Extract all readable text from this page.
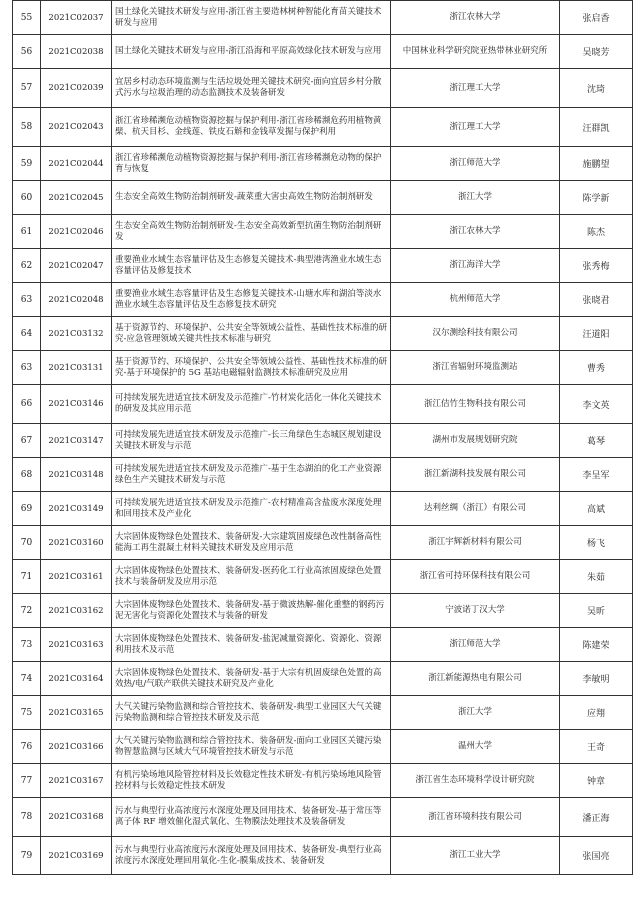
55	2021C02037	国土绿化关键技术研发与应用-浙江省主要造林树种智能化育苗关键技术研发与应用	浙江农林大学	张启香
56	2021C02038	国土绿化关键技术研发与应用-浙江沿海和平原高效绿化技术研发与应用	中国林业科学研究院亚热带林业研究所	吴晓芳
57	2021C02039	宜居乡村动态环境监测与生活垃圾处理关键技术研究-面向宜居乡村分散式污水与垃圾治理的动态监测技术及装备研发	浙江理工大学	沈琦
58	2021C02043	浙江省珍稀濒危动植物资源挖掘与保护利用-浙江省珍稀濒危药用植物黄檗、杭天目杉、金线莲、铁皮石斛和金钱草发掘与保护利用	浙江理工大学	汪群凯
59	2021C02044	浙江省珍稀濒危动植物资源挖掘与保护利用-浙江省珍稀濒危动物的保护育与恢复	浙江师范大学	施鹏望
60	2021C02045	生态安全高效生物防治制剂研发-蔬菜重大害虫高效生物防治制剂研发	浙江大学	陈学新
61	2021C02046	生态安全高效生物防治制剂研发-生态安全高效新型抗菌生物防治制剂研发	浙江农林大学	陈杰
62	2021C02047	重要渔业水域生态容量评估及生态修复关键技术-典型港湾渔业水域生态容量评估及修复技术	浙江海洋大学	张秀梅
63	2021C02048	重要渔业水域生态容量评估及生态修复关键技术-山塘水库和湖泊等淡水渔业水域生态容量评估及生态修复技术研究	杭州师范大学	张晓君
64	2021C03132	基于资源节约、环境保护、公共安全等领域公益性、基础性技术标准的研究-应急管理领域关键共性技术标准与研究	汉尔测绘科技有限公司	汪道阳
63	2021C03131	基于资源节约、环境保护、公共安全等领域公益性、基础性技术标准的研究-基于环境保护的 5G 基站电磁辐射监测技术标准研究及应用	浙江省辐射环境监测站	曹秀
66	2021C03146	可持续发展先进适宜技术研发及示范推广-竹材炭化活化一体化关键技术的研发及其应用示范	浙江佶竹生物科技有限公司	李文英
67	2021C03147	可持续发展先进适宜技术研发及示范推广-长三角绿色生态城区规划建设关键技术研发与示范	湖州市发展规划研究院	葛琴
68	2021C03148	可持续发展先进适宜技术研发及示范推广-基于生态湖泊的化工产业资源绿色生产关键技术研发与示范	浙江新湖科技发展有限公司	李呈军
69	2021C03149	可持续发展先进适宜技术研发及示范推广-农村精准高含盐废水深度处理和回用技术及产业化	达利丝绸（浙江）有限公司	高斌
70	2021C03160	大宗固体废物绿色处置技术、装备研发-大宗建筑固废绿色改性制备高性能海工再生混凝土材料关键技术研发及应用示范	浙江宇辉新材料有限公司	杨飞
71	2021C03161	大宗固体废物绿色处置技术、装备研发-医药化工行业高浓固废绿色处置技术与装备研发及应用示范	浙江省可持环保科技有限公司	朱茹
72	2021C03162	大宗固体废物绿色处置技术、装备研发-基于微波热解-催化重整的钢药污泥无害化与资源化处置技术与装备的研发	宁波诺丁汉大学	吴昕
73	2021C03163	大宗固体废物绿色处置技术、装备研发-盐泥减量资源化、资源化、资源利用技术及示范	浙江师范大学	陈建荣
74	2021C03164	大宗固体废物绿色处置技术、装备研发-基于大宗有机固废绿色处置的高效热/电/气联产联供关键技术研究及产业化	浙江新能源热电有限公司	李敏明
75	2021C03165	大气关键污染物监测和综合管控技术、装备研发-典型工业园区大气关键污染物监测和综合管控技术研发及示范	浙江大学	应翔
76	2021C03166	大气关键污染物监测和综合管控技术、装备研发-面向工业园区关键污染物智慧监测与区域大气环境管控技术研发与示范	温州大学	王奇
77	2021C03167	有机污染场地风险管控材料及长效稳定性技术研发-有机污染场地风险管控材料与长效稳定性技术研发	浙江省生态环境科学设计研究院	钟章
78	2021C03168	污水与典型行业高浓度污水深度处理及回用技术、装备研发-基于常压等离子体 RF 增效催化湿式氧化、生物膜法处理技术及装备研发	浙江省环境科技有限公司	潘正海
79	2021C03169	污水与典型行业高浓度污水深度处理及回用技术、装备研发-典型行业高浓度污水深度处理回用氧化-生化-膜集成技术、装备研发	浙江工业大学	张国亮
